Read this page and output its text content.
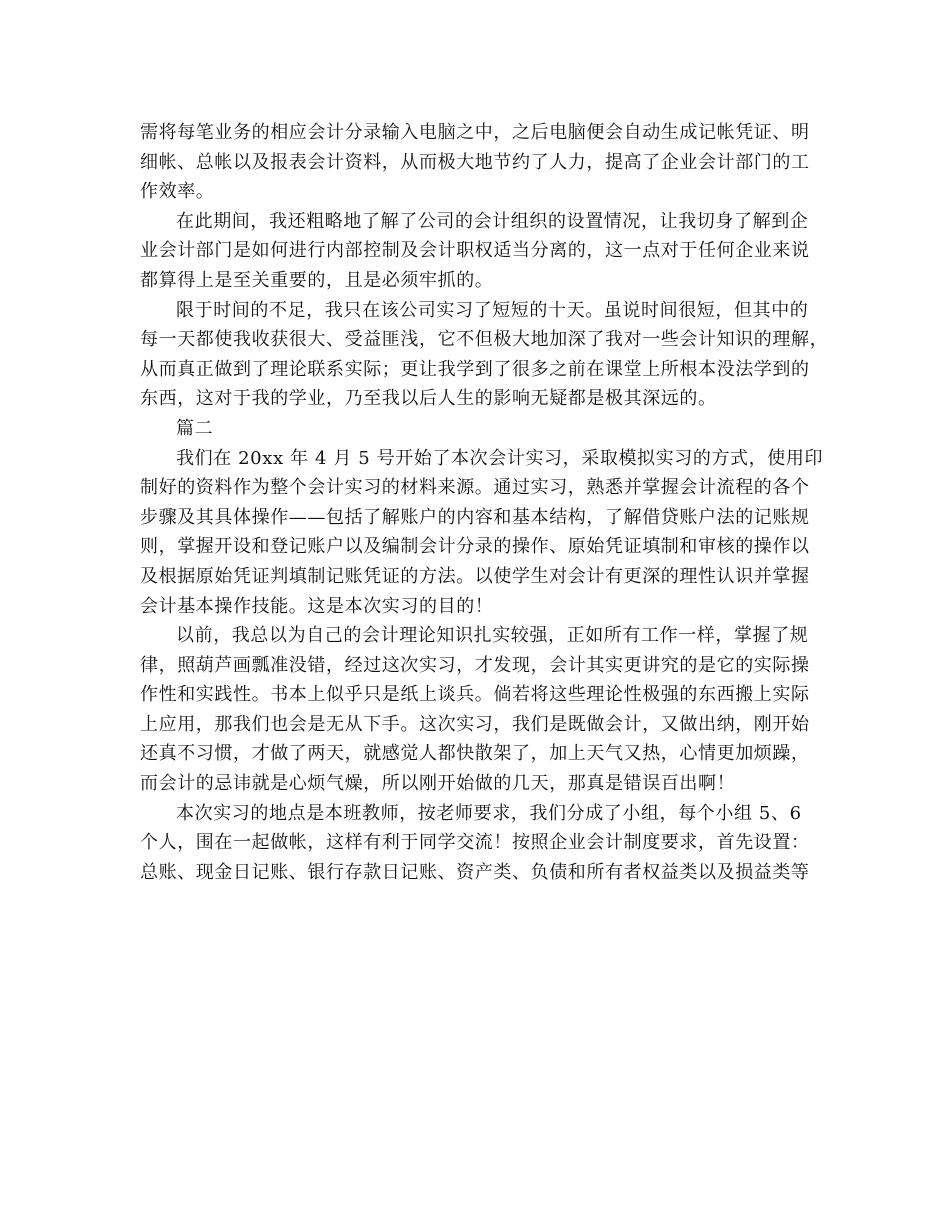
需将每笔业务的相应会计分录输入电脑之中，之后电脑便会自动生成记帐凭证、明
细帐、总帐以及报表会计资料，从而极大地节约了人力，提高了企业会计部门的工
作效率。
在此期间，我还粗略地了解了公司的会计组织的设置情况，让我切身了解到企
业会计部门是如何进行内部控制及会计职权适当分离的，这一点对于任何企业来说
都算得上是至关重要的，且是必须牢抓的。
限于时间的不足，我只在该公司实习了短短的十天。虽说时间很短，但其中的
每一天都使我收获很大、受益匪浅，它不但极大地加深了我对一些会计知识的理解，
从而真正做到了理论联系实际；更让我学到了很多之前在课堂上所根本没法学到的
东西，这对于我的学业，乃至我以后人生的影响无疑都是极其深远的。
篇二
我们在 20xx 年 4 月 5 号开始了本次会计实习，采取模拟实习的方式，使用印
制好的资料作为整个会计实习的材料来源。通过实习，熟悉并掌握会计流程的各个
步骤及其具体操作——包括了解账户的内容和基本结构，了解借贷账户法的记账规
则，掌握开设和登记账户以及编制会计分录的操作、原始凭证填制和审核的操作以
及根据原始凭证判填制记账凭证的方法。以使学生对会计有更深的理性认识并掌握
会计基本操作技能。这是本次实习的目的！
以前，我总以为自己的会计理论知识扎实较强，正如所有工作一样，掌握了规
律，照葫芦画瓢准没错，经过这次实习，才发现，会计其实更讲究的是它的实际操
作性和实践性。书本上似乎只是纸上谈兵。倘若将这些理论性极强的东西搬上实际
上应用，那我们也会是无从下手。这次实习，我们是既做会计，又做出纳，刚开始
还真不习惯，才做了两天，就感觉人都快散架了，加上天气又热，心情更加烦躁，
而会计的忌讳就是心烦气燥，所以刚开始做的几天，那真是错误百出啊！
本次实习的地点是本班教师，按老师要求，我们分成了小组，每个小组 5、6
个人，围在一起做帐，这样有利于同学交流！按照企业会计制度要求，首先设置：
总账、现金日记账、银行存款日记账、资产类、负债和所有者权益类以及损益类等
